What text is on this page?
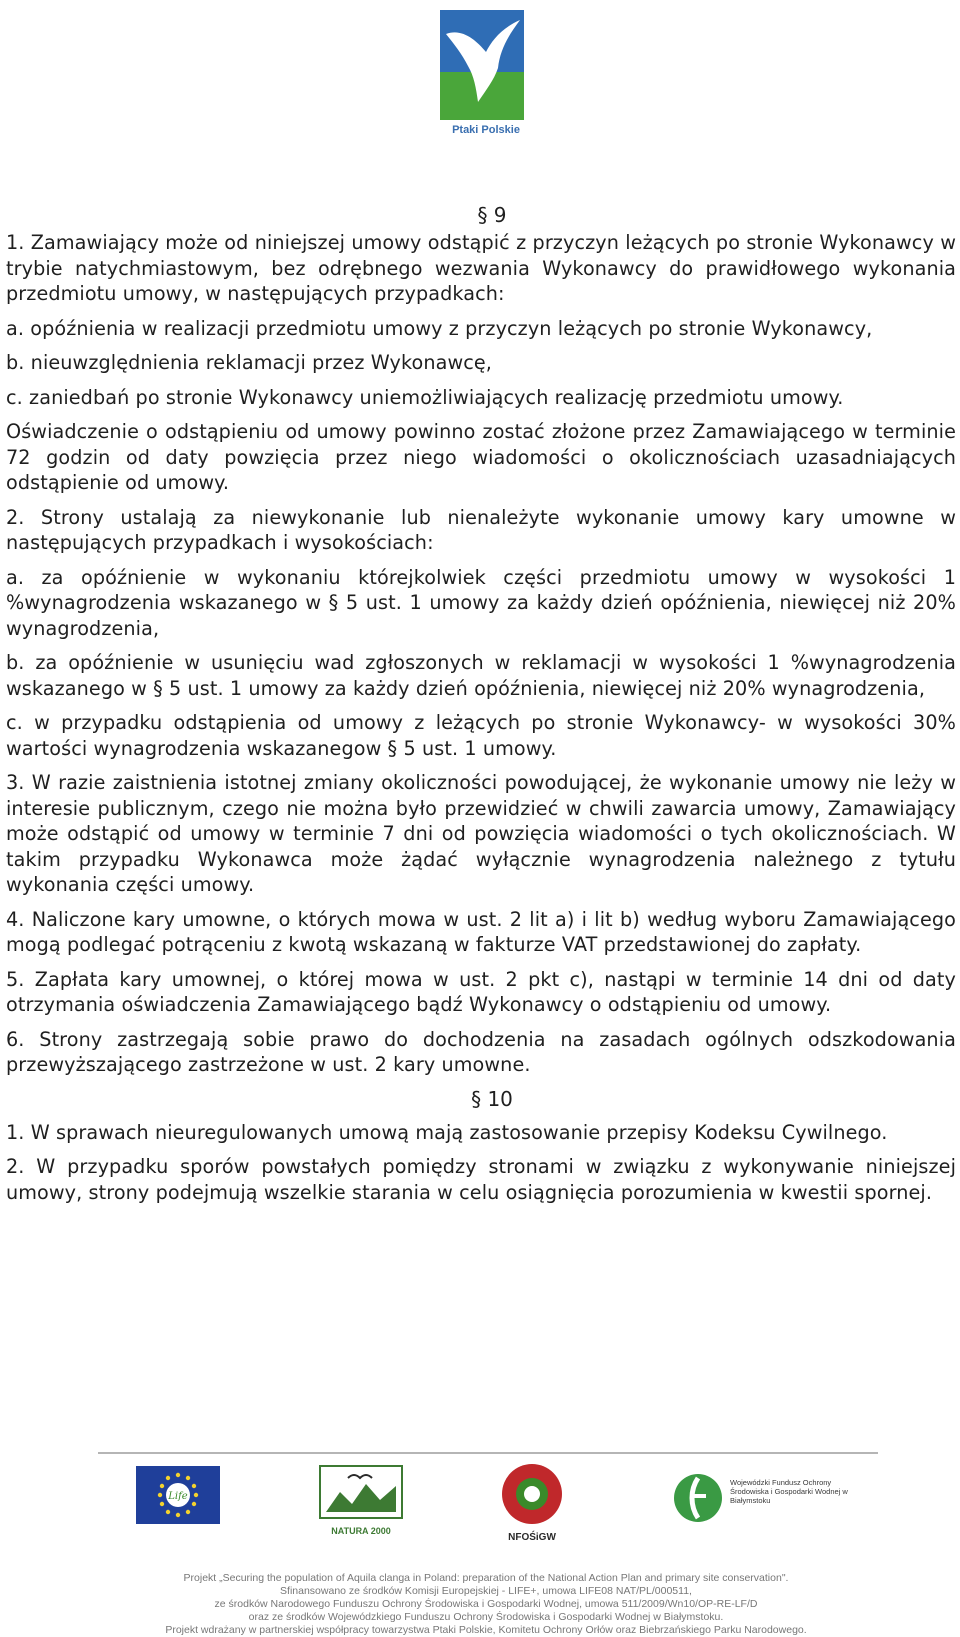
Ptaki Polskie

§ 9

1. Zamawiający może od niniejszej umowy odstąpić z przyczyn leżących po stronie Wykonawcy w trybie natychmiastowym, bez odrębnego wezwania Wykonawcy do prawidłowego wykonania przedmiotu umowy, w następujących przypadkach:

a. opóźnienia w realizacji przedmiotu umowy z przyczyn leżących po stronie Wykonawcy,

b. nieuwzględnienia reklamacji przez Wykonawcę,

c. zaniedbań po stronie Wykonawcy uniemożliwiających realizację przedmiotu umowy.

Oświadczenie o odstąpieniu od umowy powinno zostać złożone przez Zamawiającego w terminie 72 godzin od daty powzięcia przez niego wiadomości o okolicznościach uzasadniających odstąpienie od umowy.

2. Strony ustalają za niewykonanie lub nienależyte wykonanie umowy kary umowne w następujących przypadkach i wysokościach:

a. za opóźnienie w wykonaniu którejkolwiek części przedmiotu umowy w wysokości 1 %wynagrodzenia wskazanego w § 5 ust. 1 umowy za każdy dzień opóźnienia, niewięcej niż 20% wynagrodzenia,

b. za opóźnienie w usunięciu wad zgłoszonych w reklamacji w wysokości 1 %wynagrodzenia wskazanego w § 5 ust. 1 umowy za każdy dzień opóźnienia, niewięcej niż 20% wynagrodzenia,

c. w przypadku odstąpienia od umowy z leżących po stronie Wykonawcy- w wysokości 30% wartości wynagrodzenia wskazanegow § 5 ust. 1 umowy.

3. W razie zaistnienia istotnej zmiany okoliczności powodującej, że wykonanie umowy nie leży w interesie publicznym, czego nie można było przewidzieć w chwili zawarcia umowy, Zamawiający może odstąpić od umowy w terminie 7 dni od powzięcia wiadomości o tych okolicznościach. W takim przypadku Wykonawca może żądać wyłącznie wynagrodzenia należnego z tytułu wykonania części umowy.

4. Naliczone kary umowne, o których mowa w ust. 2 lit a) i lit b) według wyboru Zamawiającego mogą podlegać potrąceniu z kwotą wskazaną w fakturze VAT przedstawionej do zapłaty.

5. Zapłata kary umownej, o której mowa w ust. 2 pkt c), nastąpi w terminie 14 dni od daty otrzymania oświadczenia Zamawiającego bądź Wykonawcy o odstąpieniu od umowy.

6. Strony zastrzegają sobie prawo do dochodzenia na zasadach ogólnych odszkodowania przewyższającego zastrzeżone w ust. 2 kary umowne.

§ 10

1. W sprawach nieuregulowanych umową mają zastosowanie przepisy Kodeksu Cywilnego.

2. W przypadku sporów powstałych pomiędzy stronami w związku z wykonywanie niniejszej umowy, strony podejmują wszelkie starania w celu osiągnięcia porozumienia w kwestii spornej.

Life
NATURA 2000
NFOŚiGW
Wojewódzki Fundusz Ochrony Środowiska i Gospodarki Wodnej w Białymstoku
Projekt „Securing the population of Aquila clanga in Poland: preparation of the National Action Plan and primary site conservation".
Sfinansowano ze środków Komisji Europejskiej - LIFE+, umowa LIFE08 NAT/PL/000511,
ze środków Narodowego Funduszu Ochrony Środowiska i Gospodarki Wodnej, umowa 511/2009/Wn10/OP-RE-LF/D
oraz ze środków Wojewódzkiego Funduszu Ochrony Środowiska i Gospodarki Wodnej w Białymstoku.
Projekt wdrażany w partnerskiej współpracy towarzystwa Ptaki Polskie, Komitetu Ochrony Orłów oraz Biebrzańskiego Parku Narodowego.
